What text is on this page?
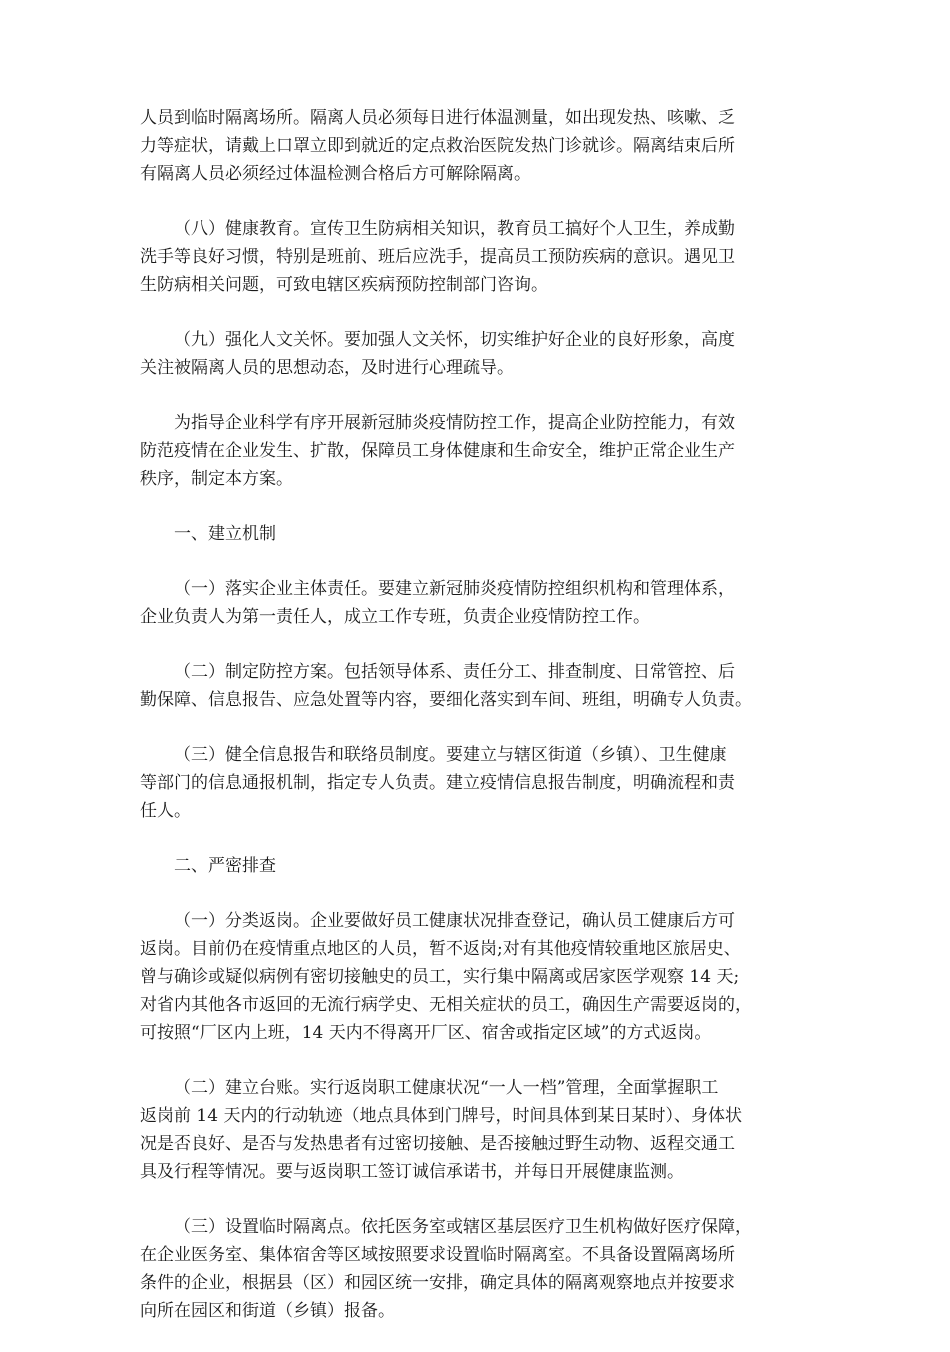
人员到临时隔离场所。隔离人员必须每日进行体温测量，如出现发热、咳嗽、乏
力等症状，请戴上口罩立即到就近的定点救治医院发热门诊就诊。隔离结束后所
有隔离人员必须经过体温检测合格后方可解除隔离。
（八）健康教育。宣传卫生防病相关知识，教育员工搞好个人卫生，养成勤
洗手等良好习惯，特别是班前、班后应洗手，提高员工预防疾病的意识。遇见卫
生防病相关问题，可致电辖区疾病预防控制部门咨询。
（九）强化人文关怀。要加强人文关怀，切实维护好企业的良好形象，高度
关注被隔离人员的思想动态，及时进行心理疏导。
为指导企业科学有序开展新冠肺炎疫情防控工作，提高企业防控能力，有效
防范疫情在企业发生、扩散，保障员工身体健康和生命安全，维护正常企业生产
秩序，制定本方案。
一、建立机制
（一）落实企业主体责任。要建立新冠肺炎疫情防控组织机构和管理体系，
企业负责人为第一责任人，成立工作专班，负责企业疫情防控工作。
（二）制定防控方案。包括领导体系、责任分工、排查制度、日常管控、后
勤保障、信息报告、应急处置等内容，要细化落实到车间、班组，明确专人负责。
（三）健全信息报告和联络员制度。要建立与辖区街道（乡镇）、卫生健康
等部门的信息通报机制，指定专人负责。建立疫情信息报告制度，明确流程和责
任人。
二、严密排查
（一）分类返岗。企业要做好员工健康状况排查登记，确认员工健康后方可
返岗。目前仍在疫情重点地区的人员，暂不返岗;对有其他疫情较重地区旅居史、
曾与确诊或疑似病例有密切接触史的员工，实行集中隔离或居家医学观察 14 天;
对省内其他各市返回的无流行病学史、无相关症状的员工，确因生产需要返岗的，
可按照“厂区内上班，14 天内不得离开厂区、宿舍或指定区域”的方式返岗。
（二）建立台账。实行返岗职工健康状况“一人一档”管理，全面掌握职工
返岗前 14 天内的行动轨迹（地点具体到门牌号，时间具体到某日某时）、身体状
况是否良好、是否与发热患者有过密切接触、是否接触过野生动物、返程交通工
具及行程等情况。要与返岗职工签订诚信承诺书，并每日开展健康监测。
（三）设置临时隔离点。依托医务室或辖区基层医疗卫生机构做好医疗保障，
在企业医务室、集体宿舍等区域按照要求设置临时隔离室。不具备设置隔离场所
条件的企业，根据县（区）和园区统一安排，确定具体的隔离观察地点并按要求
向所在园区和街道（乡镇）报备。
